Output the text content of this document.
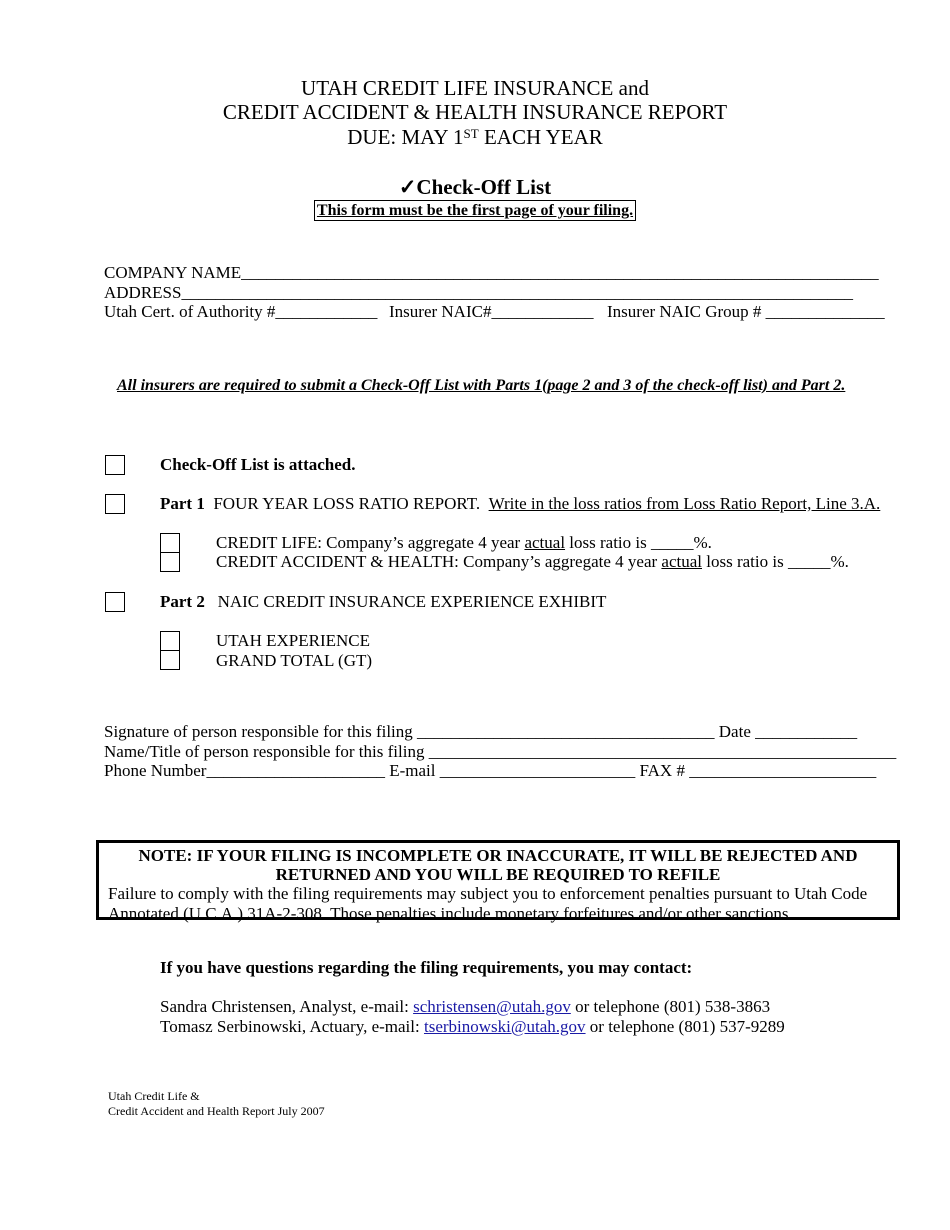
UTAH CREDIT LIFE INSURANCE and
CREDIT ACCIDENT & HEALTH INSURANCE REPORT
DUE: MAY 1ST EACH YEAR
✓Check-Off List
This form must be the first page of your filing.
COMPANY NAME___________________________________________________________________________
ADDRESS_______________________________________________________________________________
Utah Cert. of Authority #____________ Insurer NAIC#____________ Insurer NAIC Group # ______________
All insurers are required to submit a Check-Off List with Parts 1(page 2 and 3 of the check-off list) and Part 2.
Check-Off List is attached.
Part 1 FOUR YEAR LOSS RATIO REPORT. Write in the loss ratios from Loss Ratio Report, Line 3.A.
CREDIT LIFE: Company’s aggregate 4 year actual loss ratio is _____%.
CREDIT ACCIDENT & HEALTH: Company’s aggregate 4 year actual loss ratio is _____%.
Part 2 NAIC CREDIT INSURANCE EXPERIENCE EXHIBIT
UTAH EXPERIENCE
GRAND TOTAL (GT)
Signature of person responsible for this filing ___________________________________ Date ____________
Name/Title of person responsible for this filing _______________________________________________________
Phone Number_____________________ E-mail _______________________ FAX # ______________________
NOTE: IF YOUR FILING IS INCOMPLETE OR INACCURATE, IT WILL BE REJECTED AND
RETURNED AND YOU WILL BE REQUIRED TO REFILE
Failure to comply with the filing requirements may subject you to enforcement penalties pursuant to Utah Code
Annotated (U.C.A.) 31A-2-308. Those penalties include monetary forfeitures and/or other sanctions.
If you have questions regarding the filing requirements, you may contact:
Sandra Christensen, Analyst, e-mail: schristensen@utah.gov or telephone (801) 538-3863
Tomasz Serbinowski, Actuary, e-mail: tserbinowski@utah.gov or telephone (801) 537-9289
Utah Credit Life &
Credit Accident and Health Report July 2007
